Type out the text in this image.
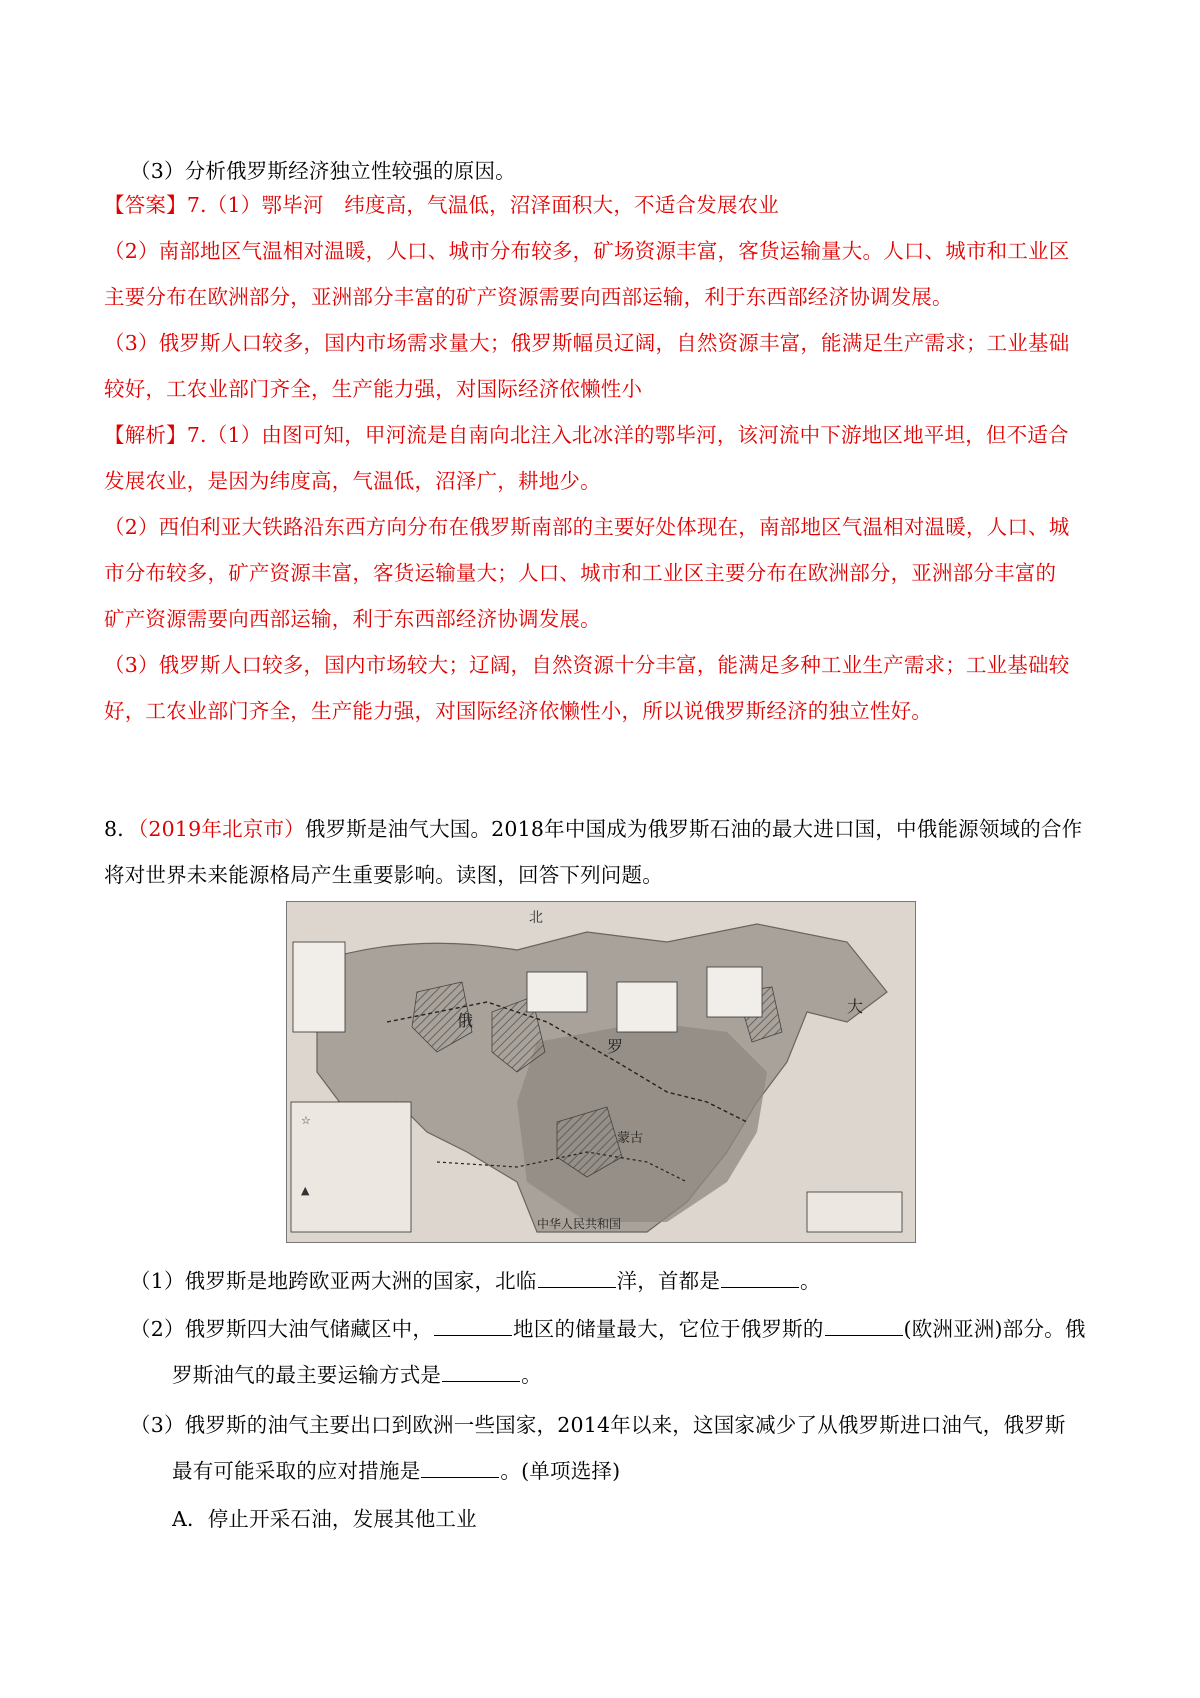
（3）分析俄罗斯经济独立性较强的原因。
【答案】7.（1）鄂毕河　纬度高，气温低，沼泽面积大，不适合发展农业
（2）南部地区气温相对温暖，人口、城市分布较多，矿场资源丰富，客货运输量大。人口、城市和工业区
主要分布在欧洲部分，亚洲部分丰富的矿产资源需要向西部运输，利于东西部经济协调发展。
（3）俄罗斯人口较多，国内市场需求量大；俄罗斯幅员辽阔，自然资源丰富，能满足生产需求；工业基础
较好，工农业部门齐全，生产能力强，对国际经济依懒性小
【解析】7.（1）由图可知，甲河流是自南向北注入北冰洋的鄂毕河，该河流中下游地区地平坦，但不适合
发展农业，是因为纬度高，气温低，沼泽广，耕地少。
（2）西伯利亚大铁路沿东西方向分布在俄罗斯南部的主要好处体现在，南部地区气温相对温暖，人口、城
市分布较多，矿产资源丰富，客货运输量大；人口、城市和工业区主要分布在欧洲部分，亚洲部分丰富的
矿产资源需要向西部运输，利于东西部经济协调发展。
（3）俄罗斯人口较多，国内市场较大；辽阔，自然资源十分丰富，能满足多种工业生产需求；工业基础较
好，工农业部门齐全，生产能力强，对国际经济依懒性小，所以说俄罗斯经济的独立性好。
8．（2019年北京市）俄罗斯是油气大国。2018年中国成为俄罗斯石油的最大进口国，中俄能源领域的合作
将对世界未来能源格局产生重要影响。读图，回答下列问题。
☆
▲
北
俄
罗
大
蒙古
中华人民共和国
（1）俄罗斯是地跨欧亚两大洲的国家，北临	洋，首都是	。
（2）俄罗斯四大油气储藏区中，	地区的储量最大，它位于俄罗斯的	(欧洲亚洲)部分。俄
罗斯油气的最主要运输方式是	。
（3）俄罗斯的油气主要出口到欧洲一些国家，2014年以来，这国家减少了从俄罗斯进口油气，俄罗斯
最有可能采取的应对措施是	。(单项选择)
A．停止开采石油，发展其他工业
